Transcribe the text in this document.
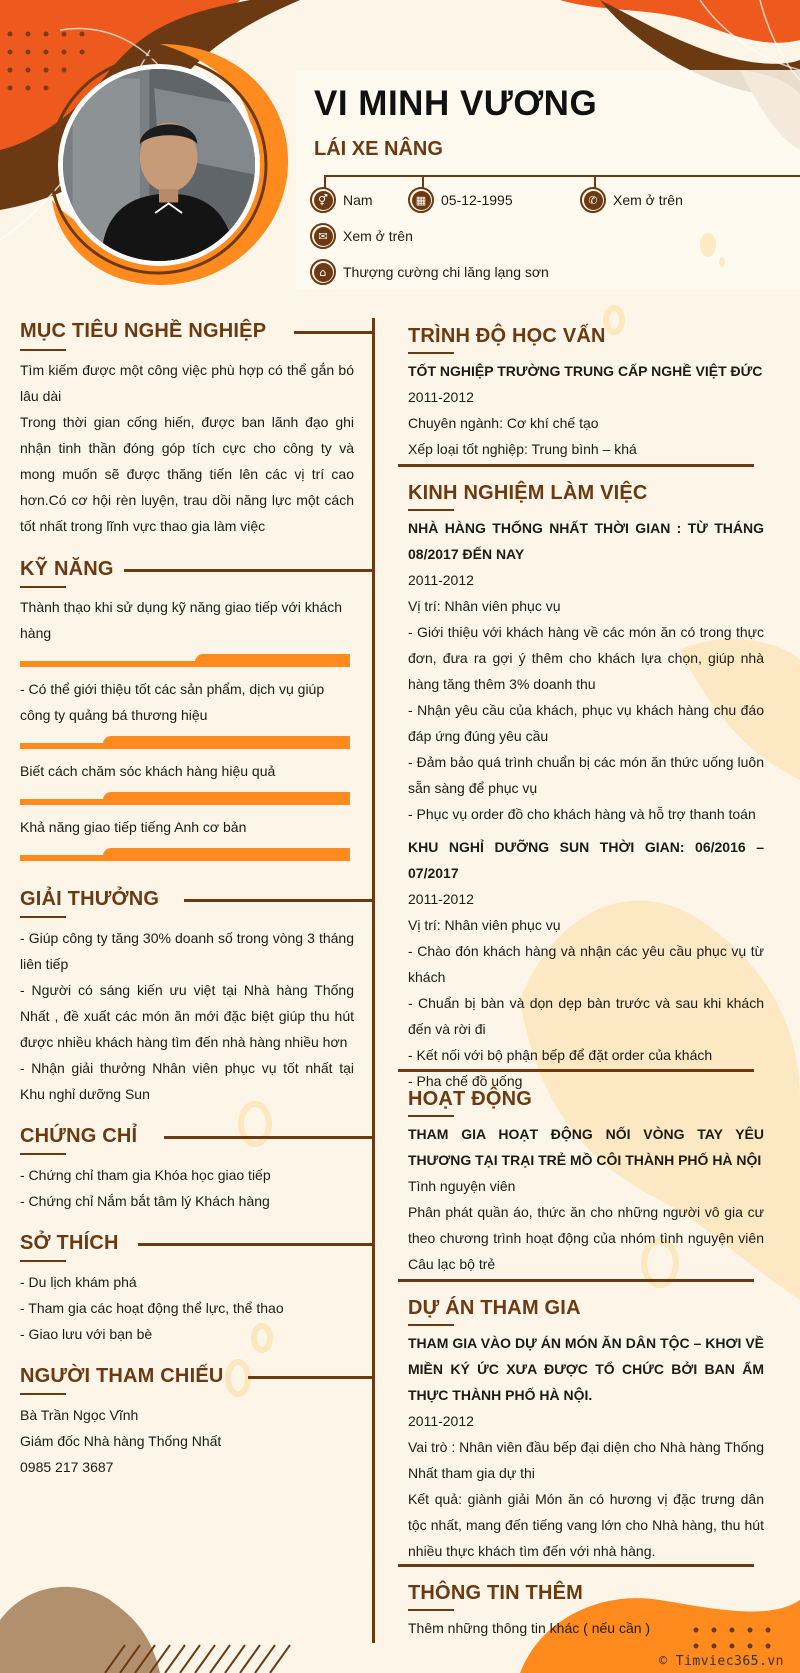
VI MINH VƯƠNG
LÁI XE NÂNG
⚥	Nam	▦	05-12-1995	✆	Xem ở trên
✉	Xem ở trên
⌂	Thượng cường chi lăng lạng sơn
MỤC TIÊU NGHỀ NGHIỆP

Tìm kiếm được một công việc phù hợp có thể gắn bó lâu dài

Trong thời gian cống hiến, được ban lãnh đạo ghi nhận tinh thần đóng góp tích cực cho công ty và mong muốn sẽ được thăng tiến lên các vị trí cao hơn.Có cơ hội rèn luyện, trau dồi năng lực một cách tốt nhất trong lĩnh vực thao gia làm việc

KỸ NĂNG
Thành thạo khi sử dụng kỹ năng giao tiếp với khách hàng
- Có thể giới thiệu tốt các sản phẩm, dịch vụ giúp công ty quảng bá thương hiệu
Biết cách chăm sóc khách hàng hiệu quả
Khả năng giao tiếp tiếng Anh cơ bản
GIẢI THƯỞNG

- Giúp công ty tăng 30% doanh số trong vòng 3 tháng liên tiếp

- Người có sáng kiến ưu việt tại Nhà hàng Thống Nhất , đề xuất các món ăn mới đặc biệt giúp thu hút được nhiều khách hàng tìm đến nhà hàng nhiều hơn

- Nhận giải thưởng Nhân viên phục vụ tốt nhất tại Khu nghỉ dưỡng Sun

CHỨNG CHỈ

- Chứng chỉ tham gia Khóa học giao tiếp

- Chứng chỉ Nắm bắt tâm lý Khách hàng

SỞ THÍCH

- Du lịch khám phá

- Tham gia các hoạt động thể lực, thể thao

- Giao lưu với bạn bè

NGƯỜI THAM CHIẾU

Bà Trần Ngọc Vĩnh

Giám đốc Nhà hàng Thống Nhất

0985 217 3687

TRÌNH ĐỘ HỌC VẤN

TỐT NGHIỆP TRƯỜNG TRUNG CẤP NGHỀ VIỆT ĐỨC

2011-2012

Chuyên ngành: Cơ khí chế tạo

Xếp loại tốt nghiệp: Trung bình – khá

KINH NGHIỆM LÀM VIỆC

NHÀ HÀNG THỐNG NHẤT THỜI GIAN : TỪ THÁNG 08/2017 ĐẾN NAY

2011-2012

Vị trí: Nhân viên phục vụ

- Giới thiệu với khách hàng về các món ăn có trong thực đơn, đưa ra gợi ý thêm cho khách lựa chọn, giúp nhà hàng tăng thêm 3% doanh thu

- Nhận yêu cầu của khách, phục vụ khách hàng chu đáo đáp ứng đúng yêu cầu

- Đảm bảo quá trình chuẩn bị các món ăn thức uống luôn sẵn sàng để phục vụ

- Phục vụ order đồ cho khách hàng và hỗ trợ thanh toán

KHU NGHỈ DƯỠNG SUN THỜI GIAN: 06/2016 – 07/2017

2011-2012

Vị trí: Nhân viên phục vụ

- Chào đón khách hàng và nhận các yêu cầu phục vụ từ khách

- Chuẩn bị bàn và dọn dẹp bàn trước và sau khi khách đến và rời đi

- Kết nối với bộ phận bếp để đặt order của khách

- Pha chế đồ uống

HOẠT ĐỘNG

THAM GIA HOẠT ĐỘNG NỐI VÒNG TAY YÊU THƯƠNG TẠI TRẠI TRẺ MỒ CÔI THÀNH PHỐ HÀ NỘI

Tình nguyện viên

Phân phát quần áo, thức ăn cho những người vô gia cư theo chương trình hoạt động của nhóm tình nguyện viên Câu lạc bộ trẻ

DỰ ÁN THAM GIA

THAM GIA VÀO DỰ ÁN MÓN ĂN DÂN TỘC – KHƠI VỀ MIỀN KÝ ỨC XƯA ĐƯỢC TỔ CHỨC BỞI BAN ẨM THỰC THÀNH PHỐ HÀ NỘI.

2011-2012

Vai trò : Nhân viên đầu bếp đại diện cho Nhà hàng Thống Nhất tham gia dự thi

Kết quả: giành giải Món ăn có hương vị đặc trưng dân tộc nhất, mang đến tiếng vang lớn cho Nhà hàng, thu hút nhiều thực khách tìm đến với nhà hàng.

THÔNG TIN THÊM

Thêm những thông tin khác ( nếu cần )

© Timviec365.vn
